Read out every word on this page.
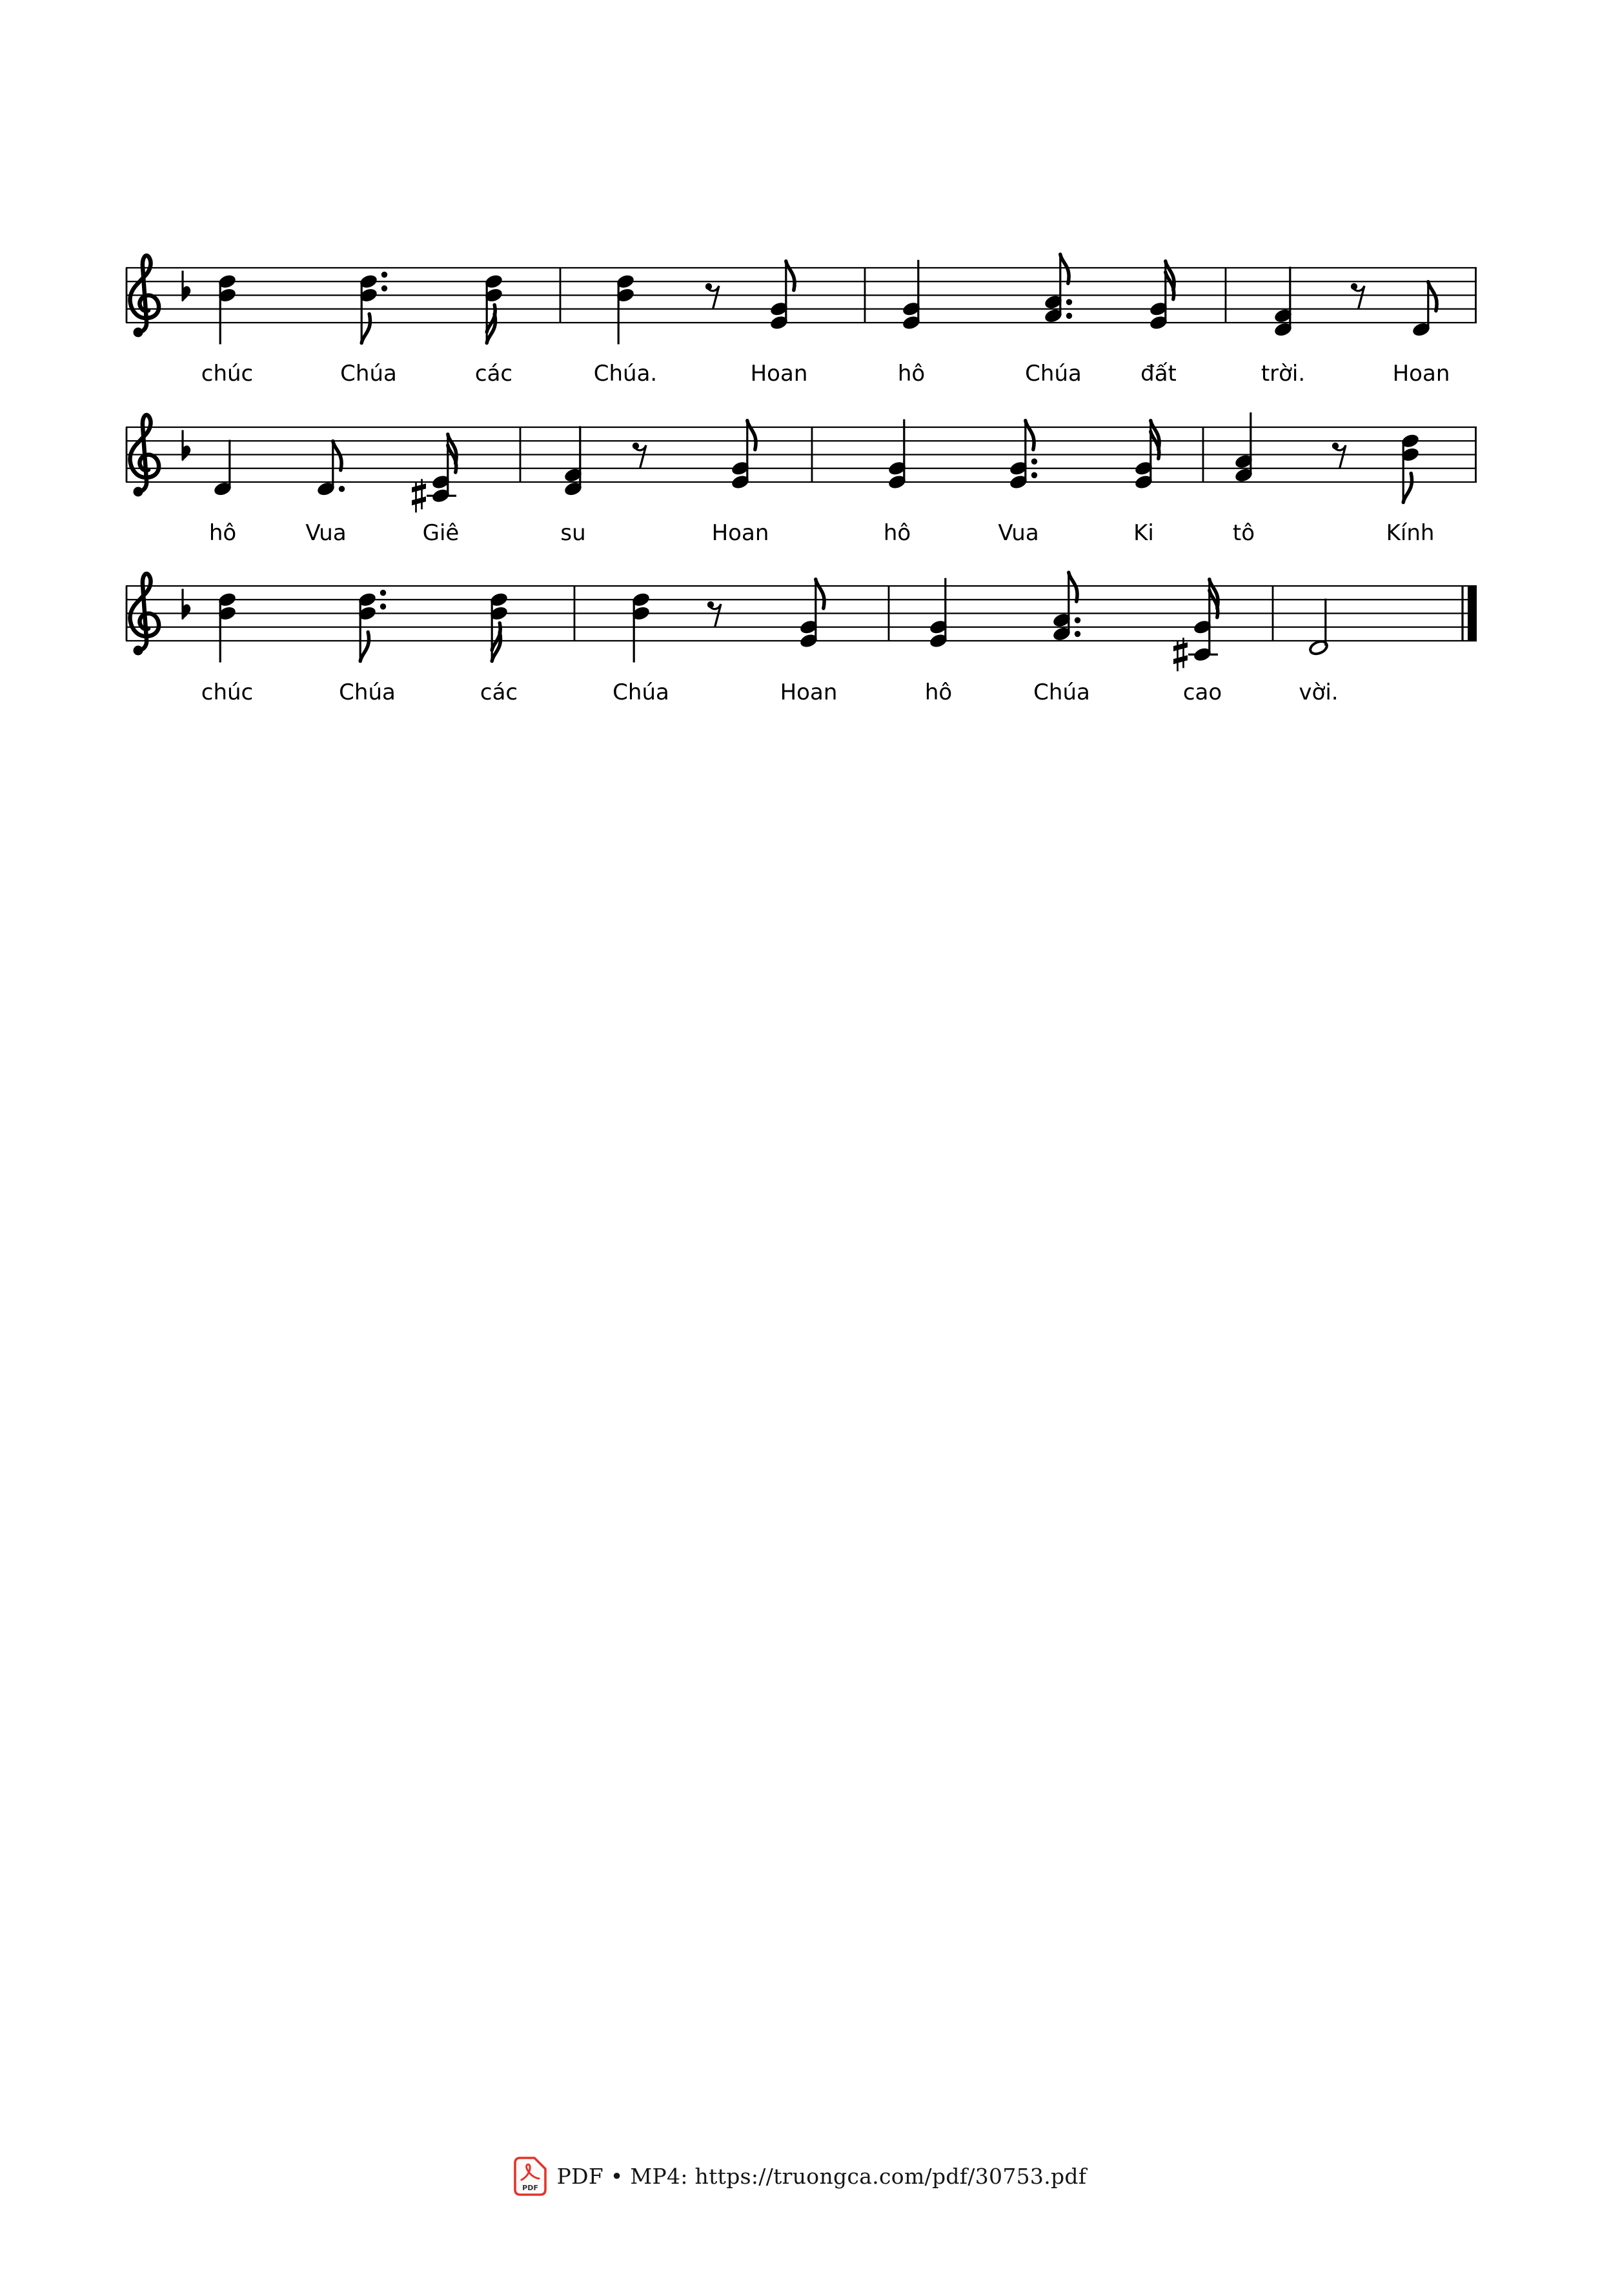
chúc	Chúa	các	Chúa.	Hoan	hô	Chúa	đất	trời.	Hoan
hô	Vua	Giê	su	Hoan	hô	Vua	Ki	tô	Kính
chúc	Chúa	các	Chúa	Hoan	hô	Chúa	cao	vời.
PDF PDF • MP4: https://truongca.com/pdf/30753.pdf
